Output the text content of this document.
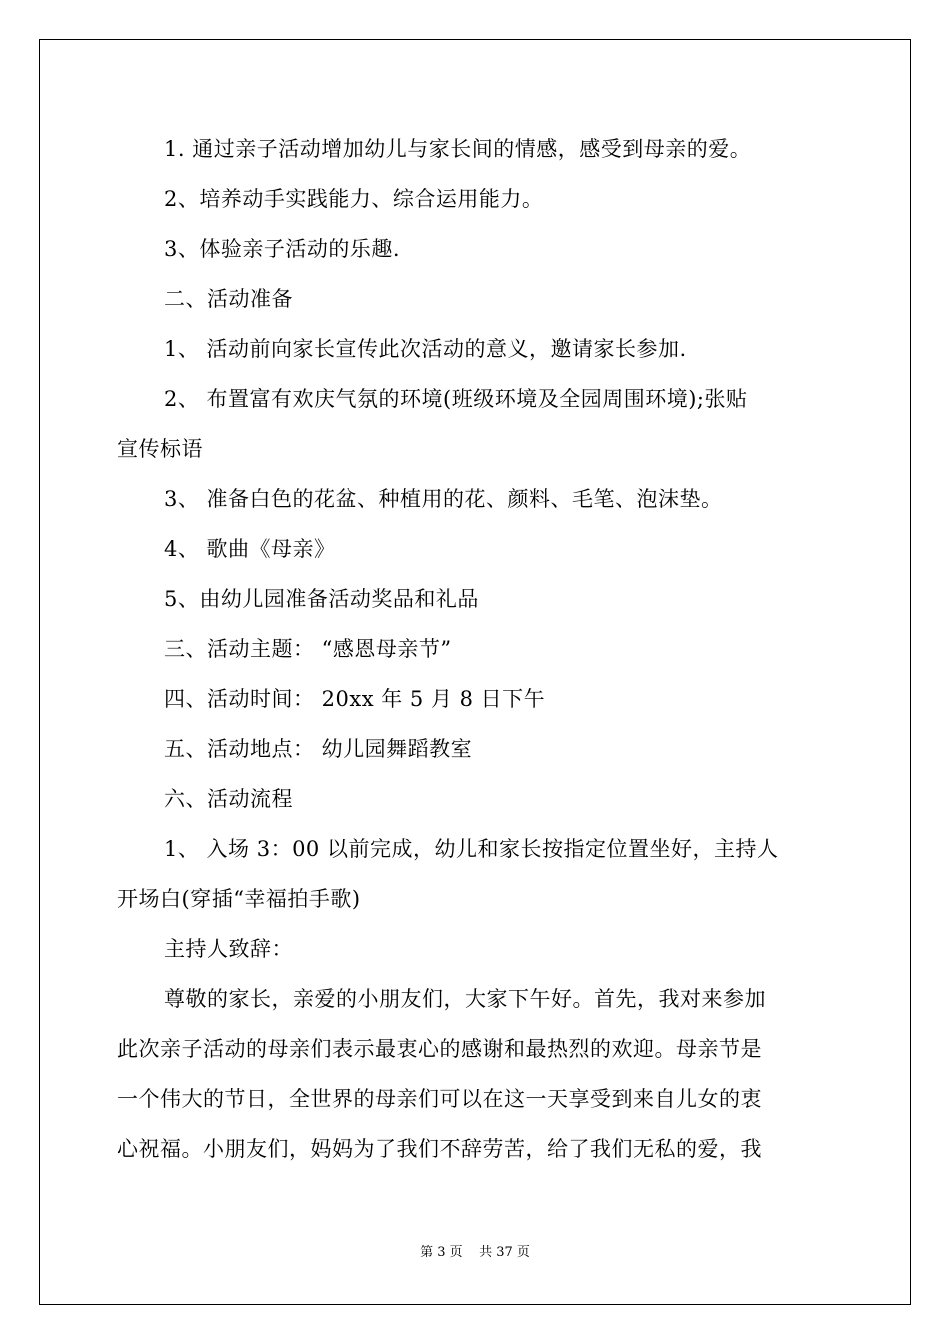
1. 通过亲子活动增加幼儿与家长间的情感，感受到母亲的爱。
2、培养动手实践能力、综合运用能力。
3、体验亲子活动的乐趣.
二、活动准备
1、 活动前向家长宣传此次活动的意义，邀请家长参加.
2、 布置富有欢庆气氛的环境(班级环境及全园周围环境);张贴
宣传标语
3、 准备白色的花盆、种植用的花、颜料、毛笔、泡沫垫。
4、 歌曲《母亲》
5、由幼儿园准备活动奖品和礼品
三、活动主题： “感恩母亲节”
四、活动时间： 20xx 年 5 月 8 日下午
五、活动地点： 幼儿园舞蹈教室
六、活动流程
1、 入场 3：00 以前完成，幼儿和家长按指定位置坐好，主持人
开场白(穿插“幸福拍手歌)
主持人致辞：
尊敬的家长，亲爱的小朋友们，大家下午好。首先，我对来参加
此次亲子活动的母亲们表示最衷心的感谢和最热烈的欢迎。母亲节是
一个伟大的节日，全世界的母亲们可以在这一天享受到来自儿女的衷
心祝福。小朋友们，妈妈为了我们不辞劳苦，给了我们无私的爱，我
第 3 页    共 37 页
